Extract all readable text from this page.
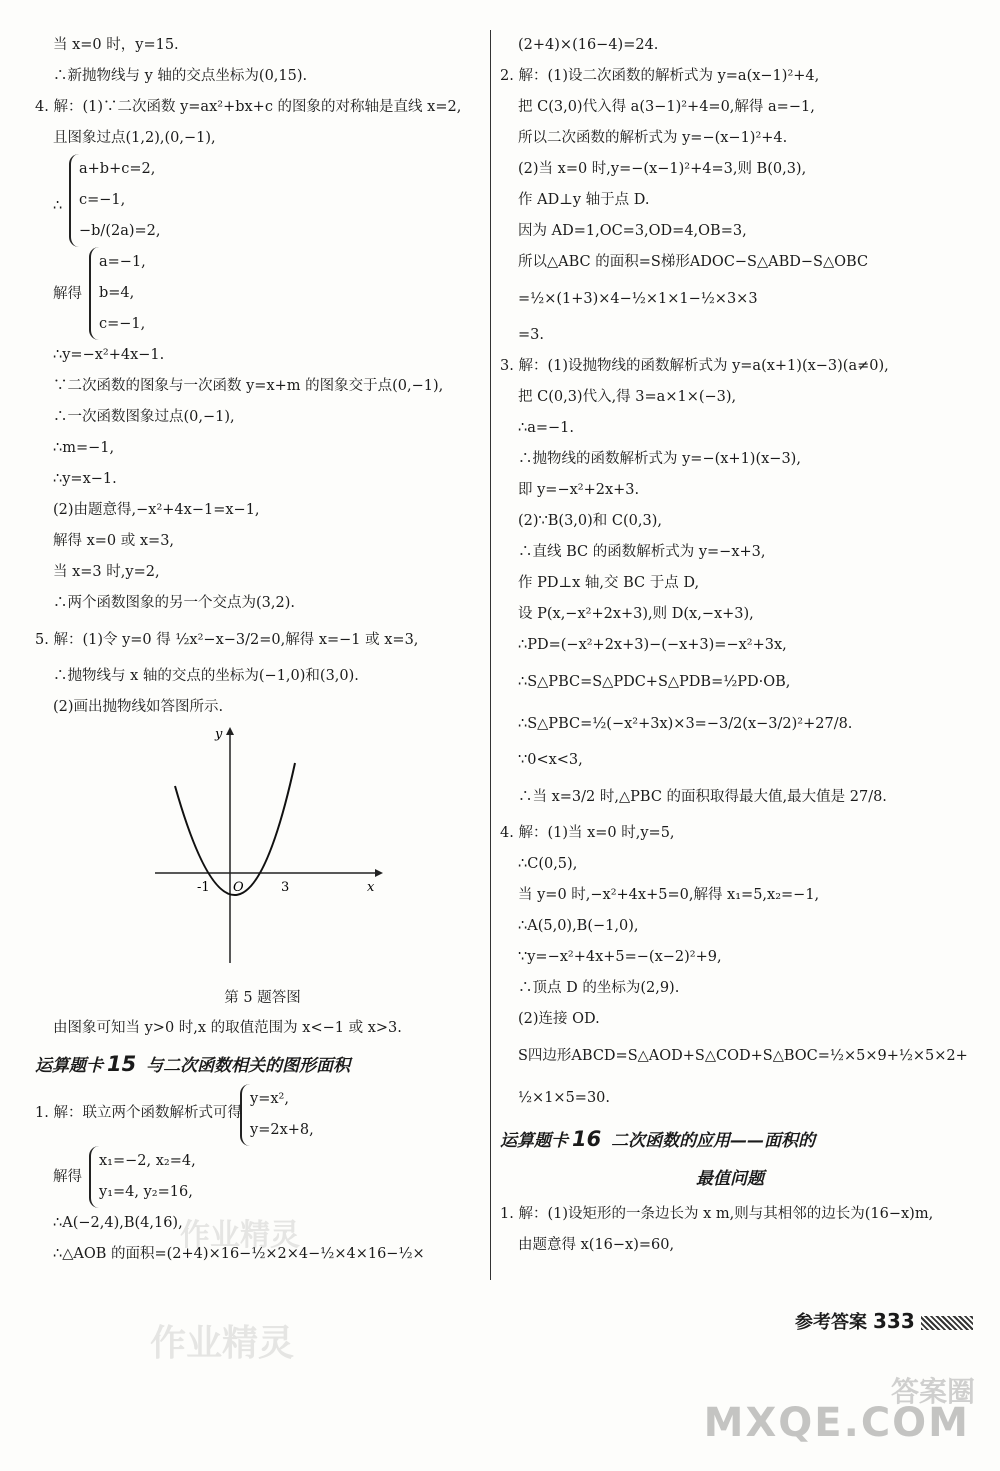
当 x=0 时，y=15.
∴新抛物线与 y 轴的交点坐标为(0,15).
4. 解：(1)∵二次函数 y=ax²+bx+c 的图象的对称轴是直线 x=2,
且图象过点(1,2),(0,−1),
∴
a+b+c=2,
c=−1,
−b/(2a)=2,
解得
a=−1,
b=4,
c=−1,
∴y=−x²+4x−1.
∵二次函数的图象与一次函数 y=x+m 的图象交于点(0,−1),
∴一次函数图象过点(0,−1),
∴m=−1,
∴y=x−1.
(2)由题意得,−x²+4x−1=x−1,
解得 x=0 或 x=3,
当 x=3 时,y=2,
∴两个函数图象的另一个交点为(3,2).
5. 解：(1)令 y=0 得 ½x²−x−3/2=0,解得 x=−1 或 x=3,
∴抛物线与 x 轴的交点的坐标为(−1,0)和(3,0).
(2)画出抛物线如答图所示.
y
x
O
-1	3
第 5 题答图
由图象可知当 y>0 时,x 的取值范围为 x<−1 或 x>3.
运算题卡 15 与二次函数相关的图形面积
1. 解：联立两个函数解析式可得
y=x²,
y=2x+8,
解得
x₁=−2, x₂=4,
y₁=4, y₂=16,
∴A(−2,4),B(4,16),
∴△AOB 的面积=(2+4)×16−½×2×4−½×4×16−½×
(2+4)×(16−4)=24.
2. 解：(1)设二次函数的解析式为 y=a(x−1)²+4,
把 C(3,0)代入得 a(3−1)²+4=0,解得 a=−1,
所以二次函数的解析式为 y=−(x−1)²+4.
(2)当 x=0 时,y=−(x−1)²+4=3,则 B(0,3),
作 AD⊥y 轴于点 D.
因为 AD=1,OC=3,OD=4,OB=3,
所以△ABC 的面积=S梯形ADOC−S△ABD−S△OBC
=½×(1+3)×4−½×1×1−½×3×3
=3.
3. 解：(1)设抛物线的函数解析式为 y=a(x+1)(x−3)(a≠0),
把 C(0,3)代入,得 3=a×1×(−3),
∴a=−1.
∴抛物线的函数解析式为 y=−(x+1)(x−3),
即 y=−x²+2x+3.
(2)∵B(3,0)和 C(0,3),
∴直线 BC 的函数解析式为 y=−x+3,
作 PD⊥x 轴,交 BC 于点 D,
设 P(x,−x²+2x+3),则 D(x,−x+3),
∴PD=(−x²+2x+3)−(−x+3)=−x²+3x,
∴S△PBC=S△PDC+S△PDB=½PD·OB,
∴S△PBC=½(−x²+3x)×3=−3/2(x−3/2)²+27/8.
∵0<x<3,
∴当 x=3/2 时,△PBC 的面积取得最大值,最大值是 27/8.
4. 解：(1)当 x=0 时,y=5,
∴C(0,5),
当 y=0 时,−x²+4x+5=0,解得 x₁=5,x₂=−1,
∴A(5,0),B(−1,0),
∵y=−x²+4x+5=−(x−2)²+9,
∴顶点 D 的坐标为(2,9).
(2)连接 OD.
S四边形ABCD=S△AOD+S△COD+S△BOC=½×5×9+½×5×2+
½×1×5=30.
运算题卡 16 二次函数的应用——面积的
最值问题
1. 解：(1)设矩形的一条边长为 x m,则与其相邻的边长为(16−x)m,
由题意得 x(16−x)=60,
参考答案 333
作业精灵
作业精灵
答案圈
MXQE.COM
